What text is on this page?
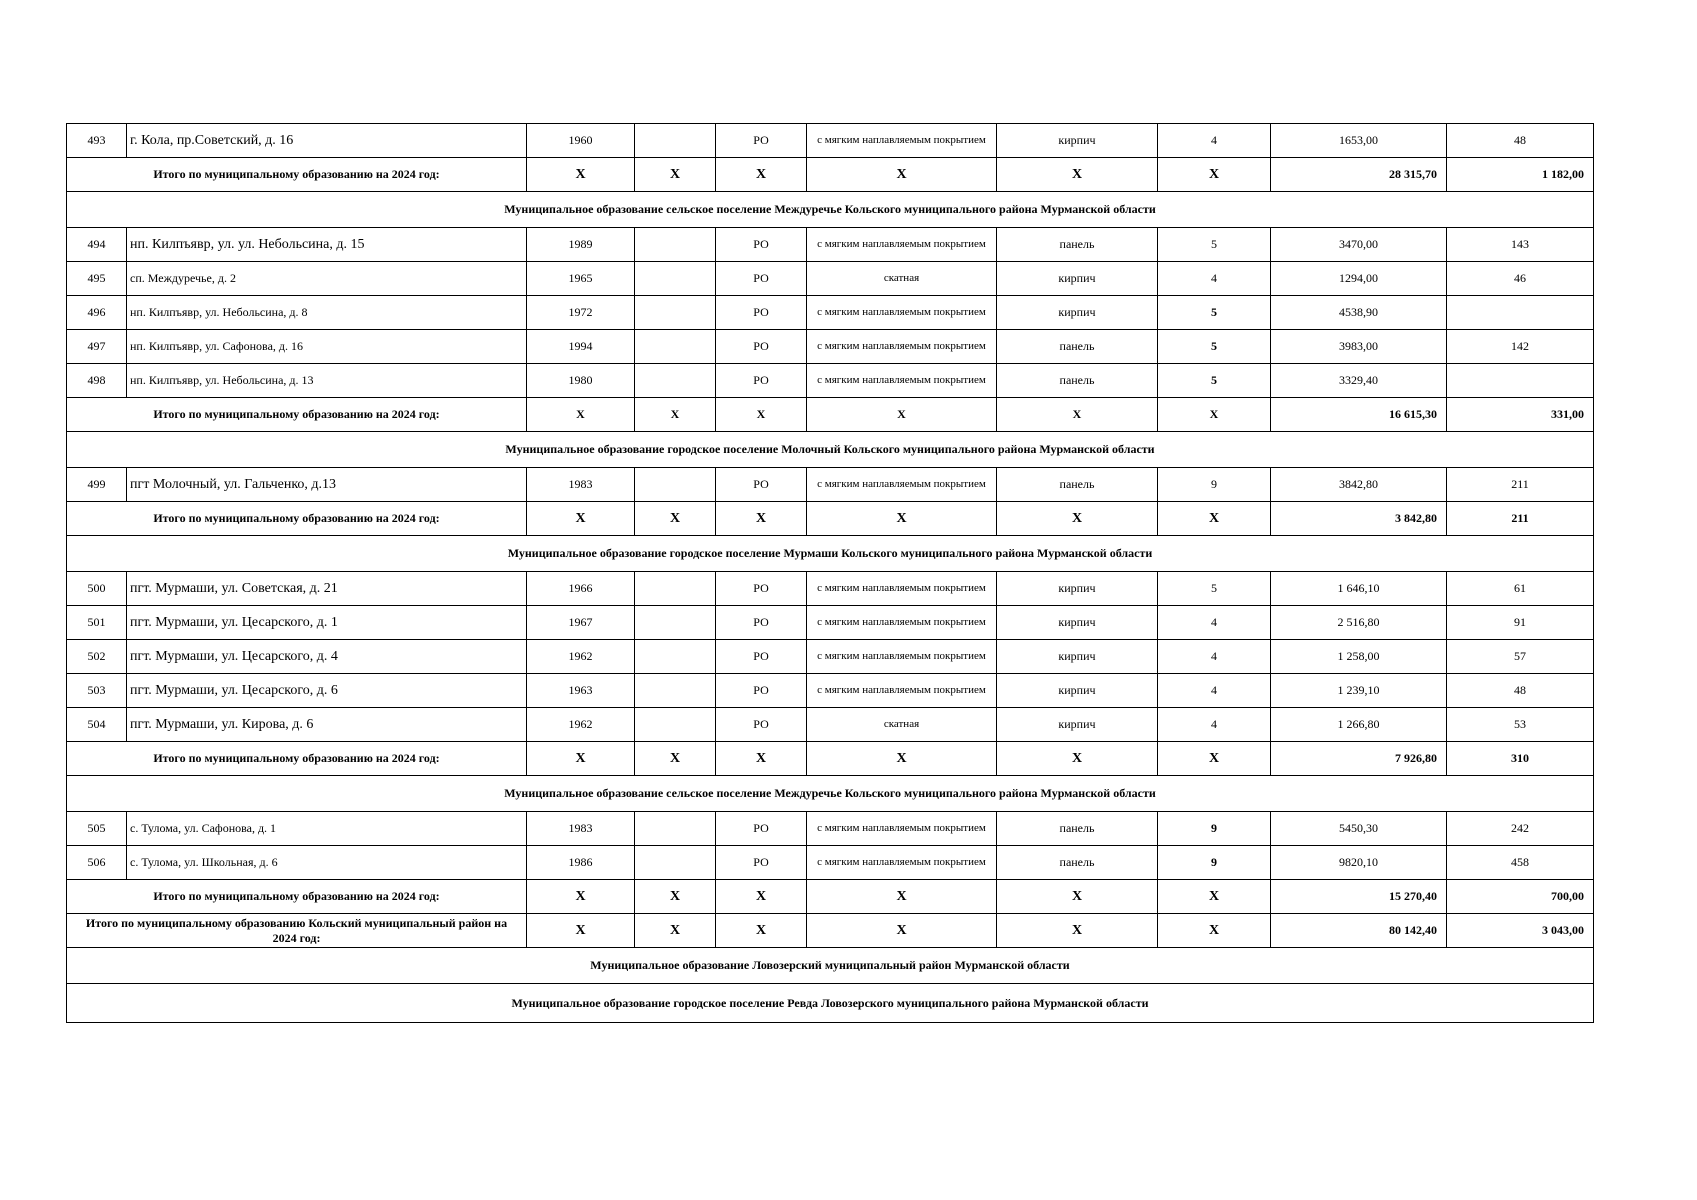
493	г. Кола, пр.Советский, д. 16	1960		РО	с мягким наплавляемым покрытием	кирпич	4	1653,00	48
Итого по муниципальному образованию на 2024 год:		X	X	X	X	X	X	28 315,70	1 182,00
Муниципальное образование сельское поселение Междуречье Кольского муниципального района Мурманской области									
494	нп. Килпъявр, ул. ул. Небольсина, д. 15	1989		РО	с мягким наплавляемым покрытием	панель	5	3470,00	143
495	сп. Междуречье, д. 2	1965		РО	скатная	кирпич	4	1294,00	46
496	нп. Килпъявр, ул. Небольсина, д. 8	1972		РО	с мягким наплавляемым покрытием	кирпич	5	4538,90	
497	нп. Килпъявр, ул. Сафонова, д. 16	1994		РО	с мягким наплавляемым покрытием	панель	5	3983,00	142
498	нп. Килпъявр, ул. Небольсина, д. 13	1980		РО	с мягким наплавляемым покрытием	панель	5	3329,40	
Итого по муниципальному образованию на 2024 год:		X	X	X	X	X	X	16 615,30	331,00
Муниципальное образование городское поселение Молочный Кольского муниципального района Мурманской области									
499	пгт Молочный, ул. Гальченко, д.13	1983		РО	с мягким наплавляемым покрытием	панель	9	3842,80	211
Итого по муниципальному образованию на 2024 год:		X	X	X	X	X	X	3 842,80	211
Муниципальное образование городское поселение Мурмаши Кольского муниципального района Мурманской области									
500	пгт. Мурмаши, ул. Советская, д. 21	1966		РО	с мягким наплавляемым покрытием	кирпич	5	1 646,10	61
501	пгт. Мурмаши, ул. Цесарского, д. 1	1967		РО	с мягким наплавляемым покрытием	кирпич	4	2 516,80	91
502	пгт. Мурмаши, ул. Цесарского, д. 4	1962		РО	с мягким наплавляемым покрытием	кирпич	4	1 258,00	57
503	пгт. Мурмаши, ул. Цесарского, д. 6	1963		РО	с мягким наплавляемым покрытием	кирпич	4	1 239,10	48
504	пгт. Мурмаши, ул. Кирова, д. 6	1962		РО	скатная	кирпич	4	1 266,80	53
Итого по муниципальному образованию на 2024 год:		X	X	X	X	X	X	7 926,80	310
Муниципальное образование сельское поселение Междуречье Кольского муниципального района Мурманской области									
505	с. Тулома, ул. Сафонова, д. 1	1983		РО	с мягким наплавляемым покрытием	панель	9	5450,30	242
506	с. Тулома, ул. Школьная, д. 6	1986		РО	с мягким наплавляемым покрытием	панель	9	9820,10	458
Итого по муниципальному образованию на 2024 год:		X	X	X	X	X	X	15 270,40	700,00
Итого по муниципальному образованию Кольский муниципальный район на 2024 год:		X	X	X	X	X	X	80 142,40	3 043,00
Муниципальное образование Ловозерский муниципальный район Мурманской области									
Муниципальное образование городское поселение Ревда Ловозерского муниципального района Мурманской области									
